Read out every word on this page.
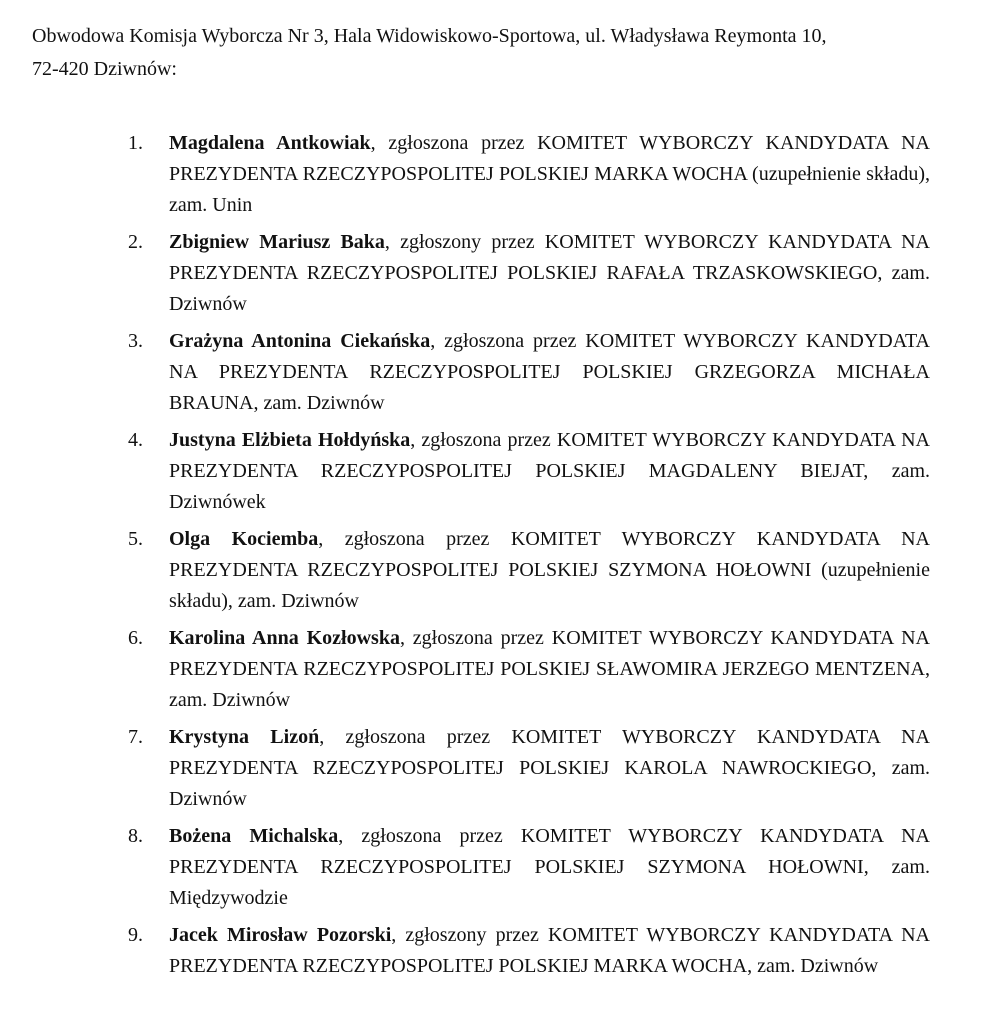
Obwodowa Komisja Wyborcza Nr 3, Hala Widowiskowo-Sportowa, ul. Władysława Reymonta 10,
72-420 Dziwnów:

1.	Magdalena Antkowiak, zgłoszona przez KOMITET WYBORCZY KANDYDATA NA PREZYDENTA RZECZYPOSPOLITEJ POLSKIEJ MARKA WOCHA (uzupełnienie składu), zam. Unin
2.	Zbigniew Mariusz Baka, zgłoszony przez KOMITET WYBORCZY KANDYDATA NA PREZYDENTA RZECZYPOSPOLITEJ POLSKIEJ RAFAŁA TRZASKOWSKIEGO, zam. Dziwnów
3.	Grażyna Antonina Ciekańska, zgłoszona przez KOMITET WYBORCZY KANDYDATA NA PREZYDENTA RZECZYPOSPOLITEJ POLSKIEJ GRZEGORZA MICHAŁA BRAUNA, zam. Dziwnów
4.	Justyna Elżbieta Hołdyńska, zgłoszona przez KOMITET WYBORCZY KANDYDATA NA PREZYDENTA RZECZYPOSPOLITEJ POLSKIEJ MAGDALENY BIEJAT, zam. Dziwnówek
5.	Olga Kociemba, zgłoszona przez KOMITET WYBORCZY KANDYDATA NA PREZYDENTA RZECZYPOSPOLITEJ POLSKIEJ SZYMONA HOŁOWNI (uzupełnienie składu), zam. Dziwnów
6.	Karolina Anna Kozłowska, zgłoszona przez KOMITET WYBORCZY KANDYDATA NA PREZYDENTA RZECZYPOSPOLITEJ POLSKIEJ SŁAWOMIRA JERZEGO MENTZENA, zam. Dziwnów
7.	Krystyna Lizoń, zgłoszona przez KOMITET WYBORCZY KANDYDATA NA PREZYDENTA RZECZYPOSPOLITEJ POLSKIEJ KAROLA NAWROCKIEGO, zam. Dziwnów
8.	Bożena Michalska, zgłoszona przez KOMITET WYBORCZY KANDYDATA NA PREZYDENTA RZECZYPOSPOLITEJ POLSKIEJ SZYMONA HOŁOWNI, zam. Międzywodzie
9.	Jacek Mirosław Pozorski, zgłoszony przez KOMITET WYBORCZY KANDYDATA NA PREZYDENTA RZECZYPOSPOLITEJ POLSKIEJ MARKA WOCHA, zam. Dziwnów
